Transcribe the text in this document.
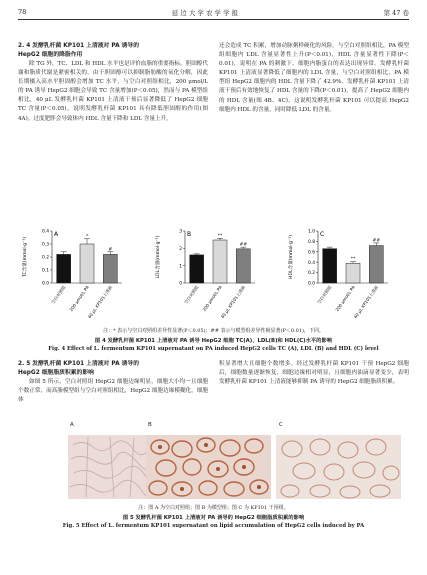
78	延 边 大 学 农 学 学 报	第 47 卷

2. 4 发酵乳杆菌 KP101 上清液对 PA 诱导的

HepG2 细胞的降脂作用

除 TG 外，TC、LDL 和 HDL 水平也是评价血脂的重要指标。胆固醇代谢和脂质代谢是紧密相关的，由于胆固醇可以抑制脂肪酸的氧化分解，因此长期摄入高水平胆固醇会增加 TC 水平。与空白对照组相比，200 μmol/L 的 PA 诱导 HepG2 细胞会导致 TC 含量增加(P＜0.05)，然而与 PA 模型组相比，40 μL 发酵乳杆菌 KP101 上清液干预后显著降低了 HepG2 细胞 TC 含量(P＜0.05)，说明发酵乳杆菌 KP101 具有降低胆固醇的作用(图 4A)。过度肥胖会导致体内 HDL 含量下降和 LDL 含量上升，

还会造成 TC 积累，增加动脉粥样硬化的风险。与空白对照组相比，PA 模型组细胞内 LDL 含量显著性上升(P＜0.01)，HDL 含量显著性下降(P＜0.01)，说明在 PA 的刺激下，细胞内脂蛋白的表达出现异常。发酵乳杆菌 KP101 上清液显著降低了细胞内的 LDL 含量，与空白对照组相比，PA 模型组 HepG2 细胞内的 HDL 含量下降了 42.9%，发酵乳杆菌 KP101 上清液干预后有效地恢复了 HDL 含量的下降(P＜0.01)，提高了 HepG2 细胞内的 HDL 含量(图 4B、4C)，这说明发酵乳杆菌 KP101 可以提高 HepG2 细胞内 HDL 的含量，同时降低 LDL 的含量。

A
TC含量(mmol·g⁻¹)
0.0
0.1
0.2
0.3
0.4
空白对照组
*
200 μmol/L PA
#
40 μL KP101上清液
B
LDL含量(mmol·g⁻¹)
0
1
2
3
空白对照组
**
200 μmol/L PA
##
40 μL KP101上清液
C
HDL含量(mmol·g⁻¹)
0.0
0.2
0.4
0.6
0.8
1.0
空白对照组
**
200 μmol/L PA
##
40 μL KP101上清液
注：* 表示与空白对照组差异性显著(P＜0.05)；## 表示与模型组差异性极显著(P＜0.01)，下同。
图 4 发酵乳杆菌 KP101 上清液对 PA 诱导 HepG2 细胞 TC(A)、LDL(B)和 HDL(C)水平的影响
Fig. 4 Effect of L. fermentum KP101 supernatant on PA induced HepG2 cells TC (A), LDL (B) and HDL (C) level

2. 5 发酵乳杆菌 KP101 上清液对 PA 诱导的

HepG2 细胞脂质积累的影响

如图 5 所示，空白对照组 HepG2 细胞边缘明显，细胞大小均一且细胞个数正常，而高脂模型组与空白对照组相比，HepG2 细胞边缘模糊化，细胞体

积显著增大且细胞个数增多。经过发酵乳杆菌 KP101 干预 HepG2 细胞后，细胞数量逐渐恢复，细胞边缘相对明显，且细胞内油滴显著变少，表明发酵乳杆菌 KP101 上清液能够抑制 PA 诱导的 HepG2 细胞脂质积累。

A	B	C
注：图 A 为空白对照组；图 B 为模型组；图 C 为 KP101 干预组。
图 5 发酵乳杆菌 KP101 上清液对 PA 诱导的 HepG2 细胞脂质积累的影响
Fig. 5 Effect of L. fermentum KP101 supernatant on lipid accumulation of HepG2 cells induced by PA
